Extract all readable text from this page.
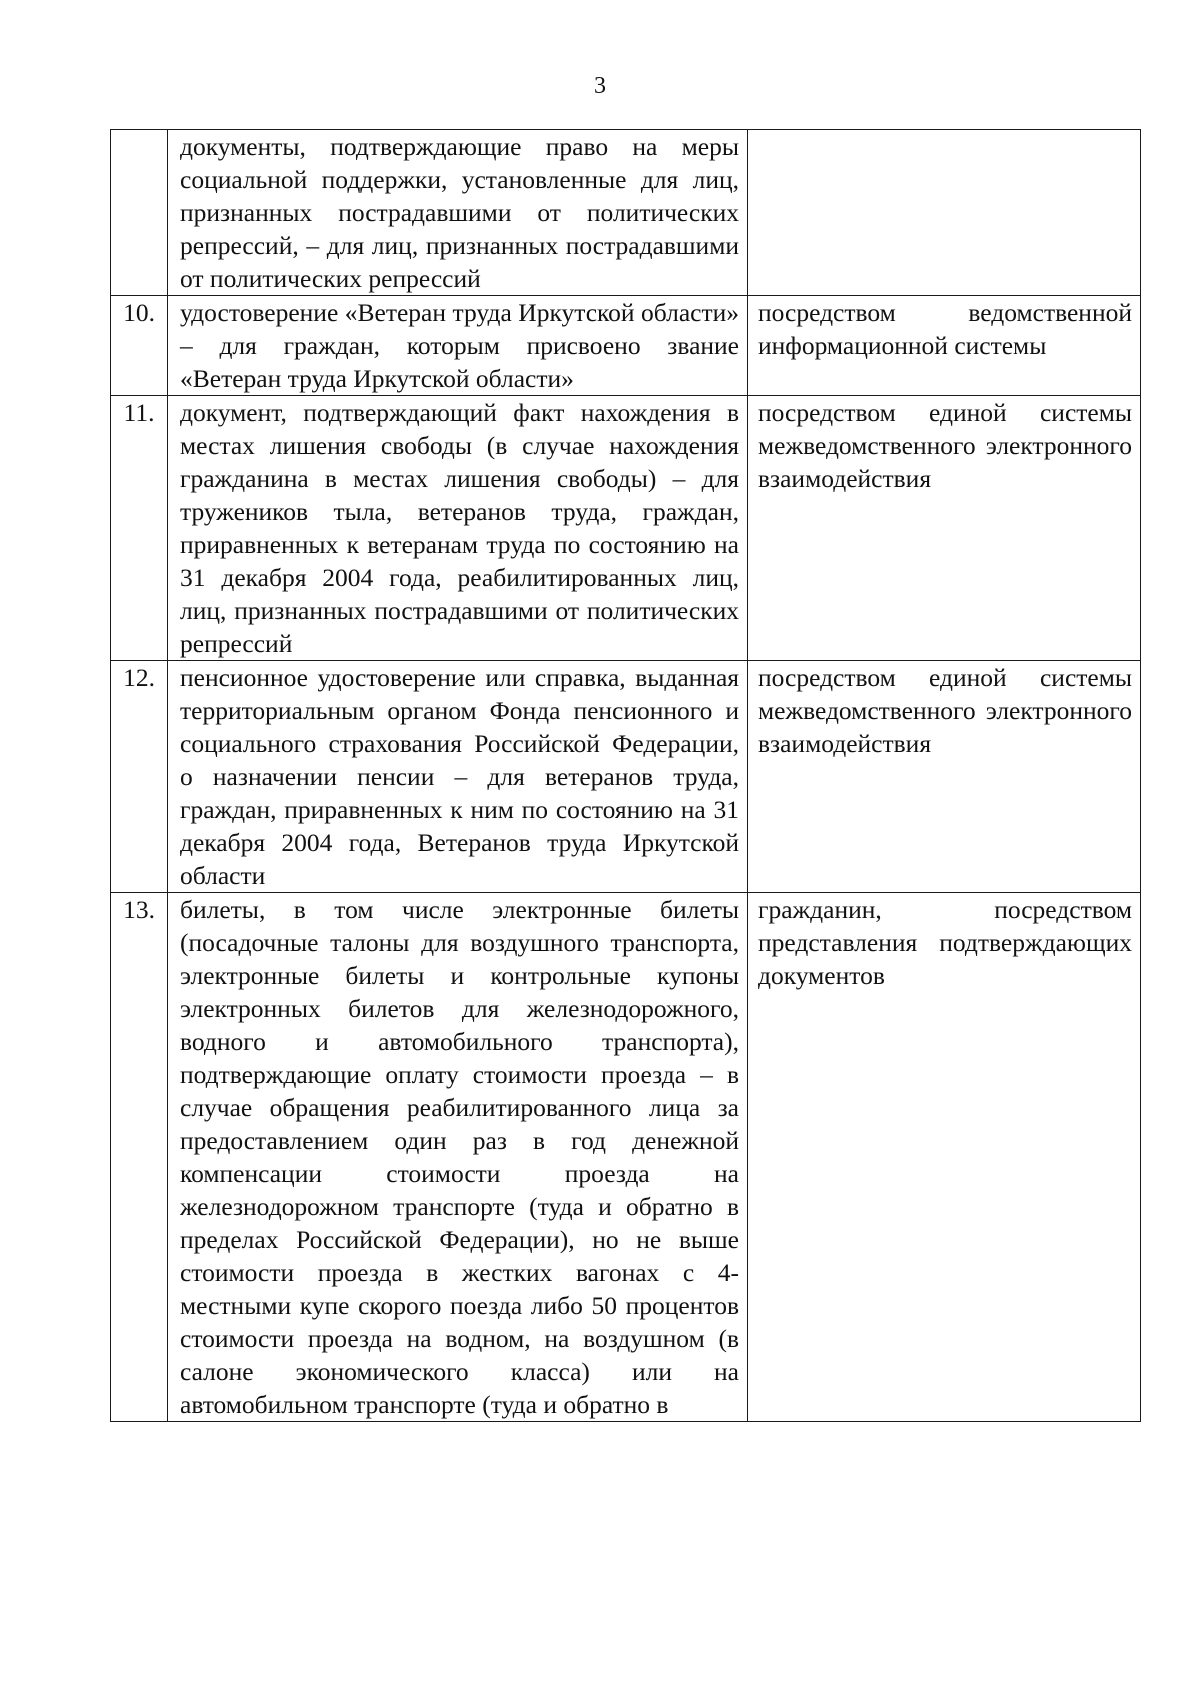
3

	документы, подтверждающие право на меры социальной поддержки, установленные для лиц, признанных пострадавшими от политических репрессий, – для лиц, признанных пострадавшими от политических репрессий	

10.	удостоверение «Ветеран труда Иркутской области» – для граждан, которым присвоено звание «Ветеран труда Иркутской области»	посредством ведомственной информационной системы

11.	документ, подтверждающий факт нахождения в местах лишения свободы (в случае нахождения гражданина в местах лишения свободы) – для тружеников тыла, ветеранов труда, граждан, приравненных к ветеранам труда по состоянию на 31 декабря 2004 года, реабилитированных лиц, лиц, признанных пострадавшими от политических репрессий	посредством единой системы межведомственного электронного взаимодействия

12.	пенсионное удостоверение или справка, выданная территориальным органом Фонда пенсионного и социального страхования Российской Федерации, о назначении пенсии – для ветеранов труда, граждан, приравненных к ним по состоянию на 31 декабря 2004 года, Ветеранов труда Иркутской области	посредством единой системы межведомственного электронного взаимодействия

13.	билеты, в том числе электронные билеты (посадочные талоны для воздушного транспорта, электронные билеты и контрольные купоны электронных билетов для железнодорожного, водного и автомобильного транспорта), подтверждающие оплату стоимости проезда – в случае обращения реабилитированного лица за предоставлением один раз в год денежной компенсации стоимости проезда на железнодорожном транспорте (туда и обратно в пределах Российской Федерации), но не выше стоимости проезда в жестких вагонах с 4-местными купе скорого поезда либо 50 процентов стоимости проезда на водном, на воздушном (в салоне экономического класса) или на автомобильном транспорте (туда и обратно в	гражданин, посредством представления подтверждающих документов
